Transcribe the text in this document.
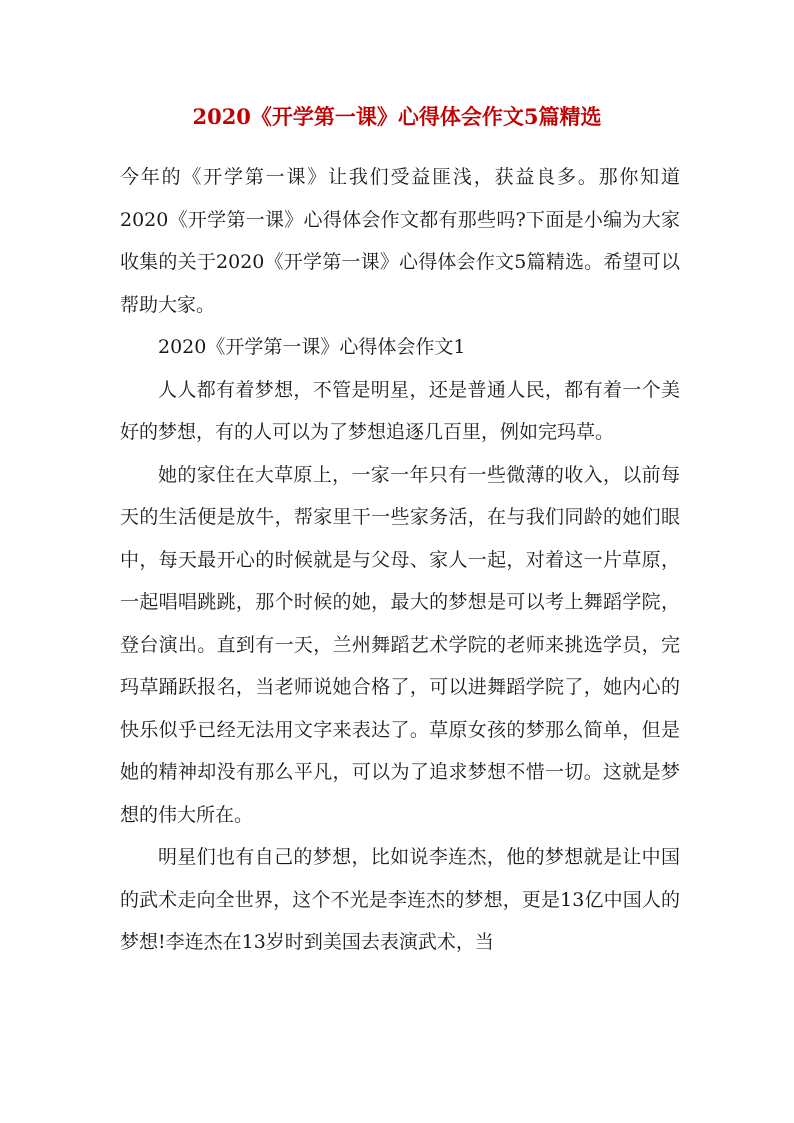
2020《开学第一课》心得体会作文5篇精选

今年的《开学第一课》让我们受益匪浅，获益良多。那你知道2020《开学第一课》心得体会作文都有那些吗?下面是小编为大家收集的关于2020《开学第一课》心得体会作文5篇精选。希望可以帮助大家。

2020《开学第一课》心得体会作文1

人人都有着梦想，不管是明星，还是普通人民，都有着一个美好的梦想，有的人可以为了梦想追逐几百里，例如完玛草。

她的家住在大草原上，一家一年只有一些微薄的收入，以前每天的生活便是放牛，帮家里干一些家务活，在与我们同龄的她们眼中，每天最开心的时候就是与父母、家人一起，对着这一片草原，一起唱唱跳跳，那个时候的她，最大的梦想是可以考上舞蹈学院，登台演出。直到有一天，兰州舞蹈艺术学院的老师来挑选学员，完玛草踊跃报名，当老师说她合格了，可以进舞蹈学院了，她内心的快乐似乎已经无法用文字来表达了。草原女孩的梦那么简单，但是她的精神却没有那么平凡，可以为了追求梦想不惜一切。这就是梦想的伟大所在。

明星们也有自己的梦想，比如说李连杰，他的梦想就是让中国的武术走向全世界，这个不光是李连杰的梦想，更是13亿中国人的梦想!李连杰在13岁时到美国去表演武术，当
